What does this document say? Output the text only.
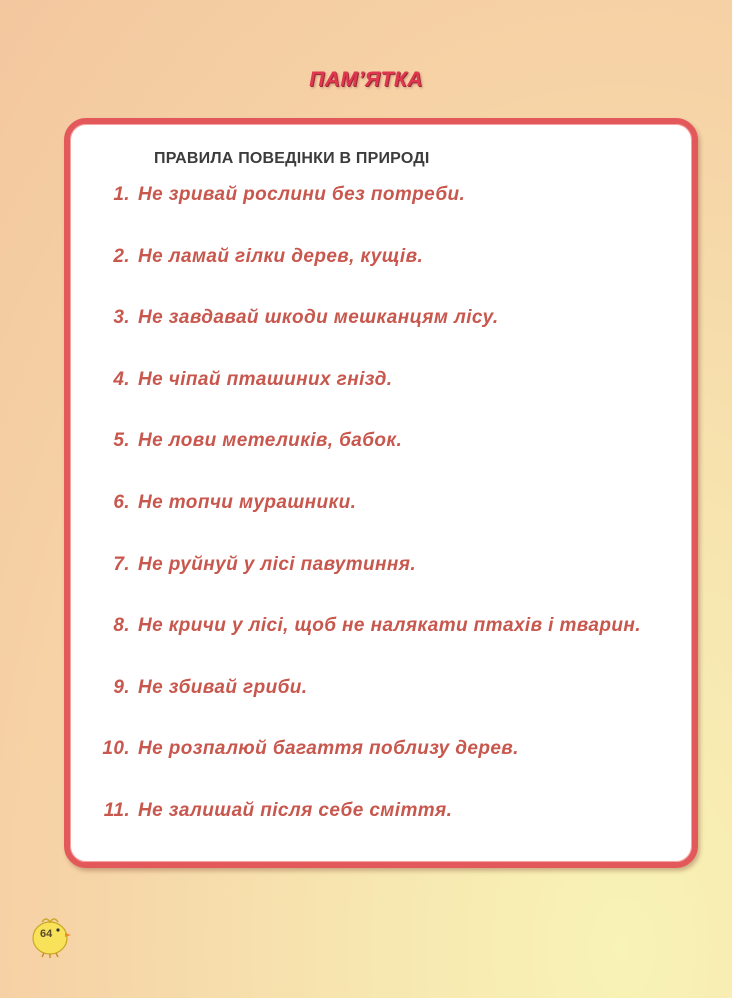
ПАМ’ЯТКА
ПРАВИЛА ПОВЕДІНКИ В ПРИРОДІ
1. Не зривай рослини без потреби.
2. Не ламай гілки дерев, кущів.
3. Не завдавай шкоди мешканцям лісу.
4. Не чіпай пташиних гнізд.
5. Не лови метеликів, бабок.
6. Не топчи мурашники.
7. Не руйнуй у лісі павутиння.
8. Не кричи у лісі, щоб не налякати птахів і тварин.
9. Не збивай гриби.
10. Не розпалюй багаття поблизу дерев.
11. Не залишай після себе сміття.
64
